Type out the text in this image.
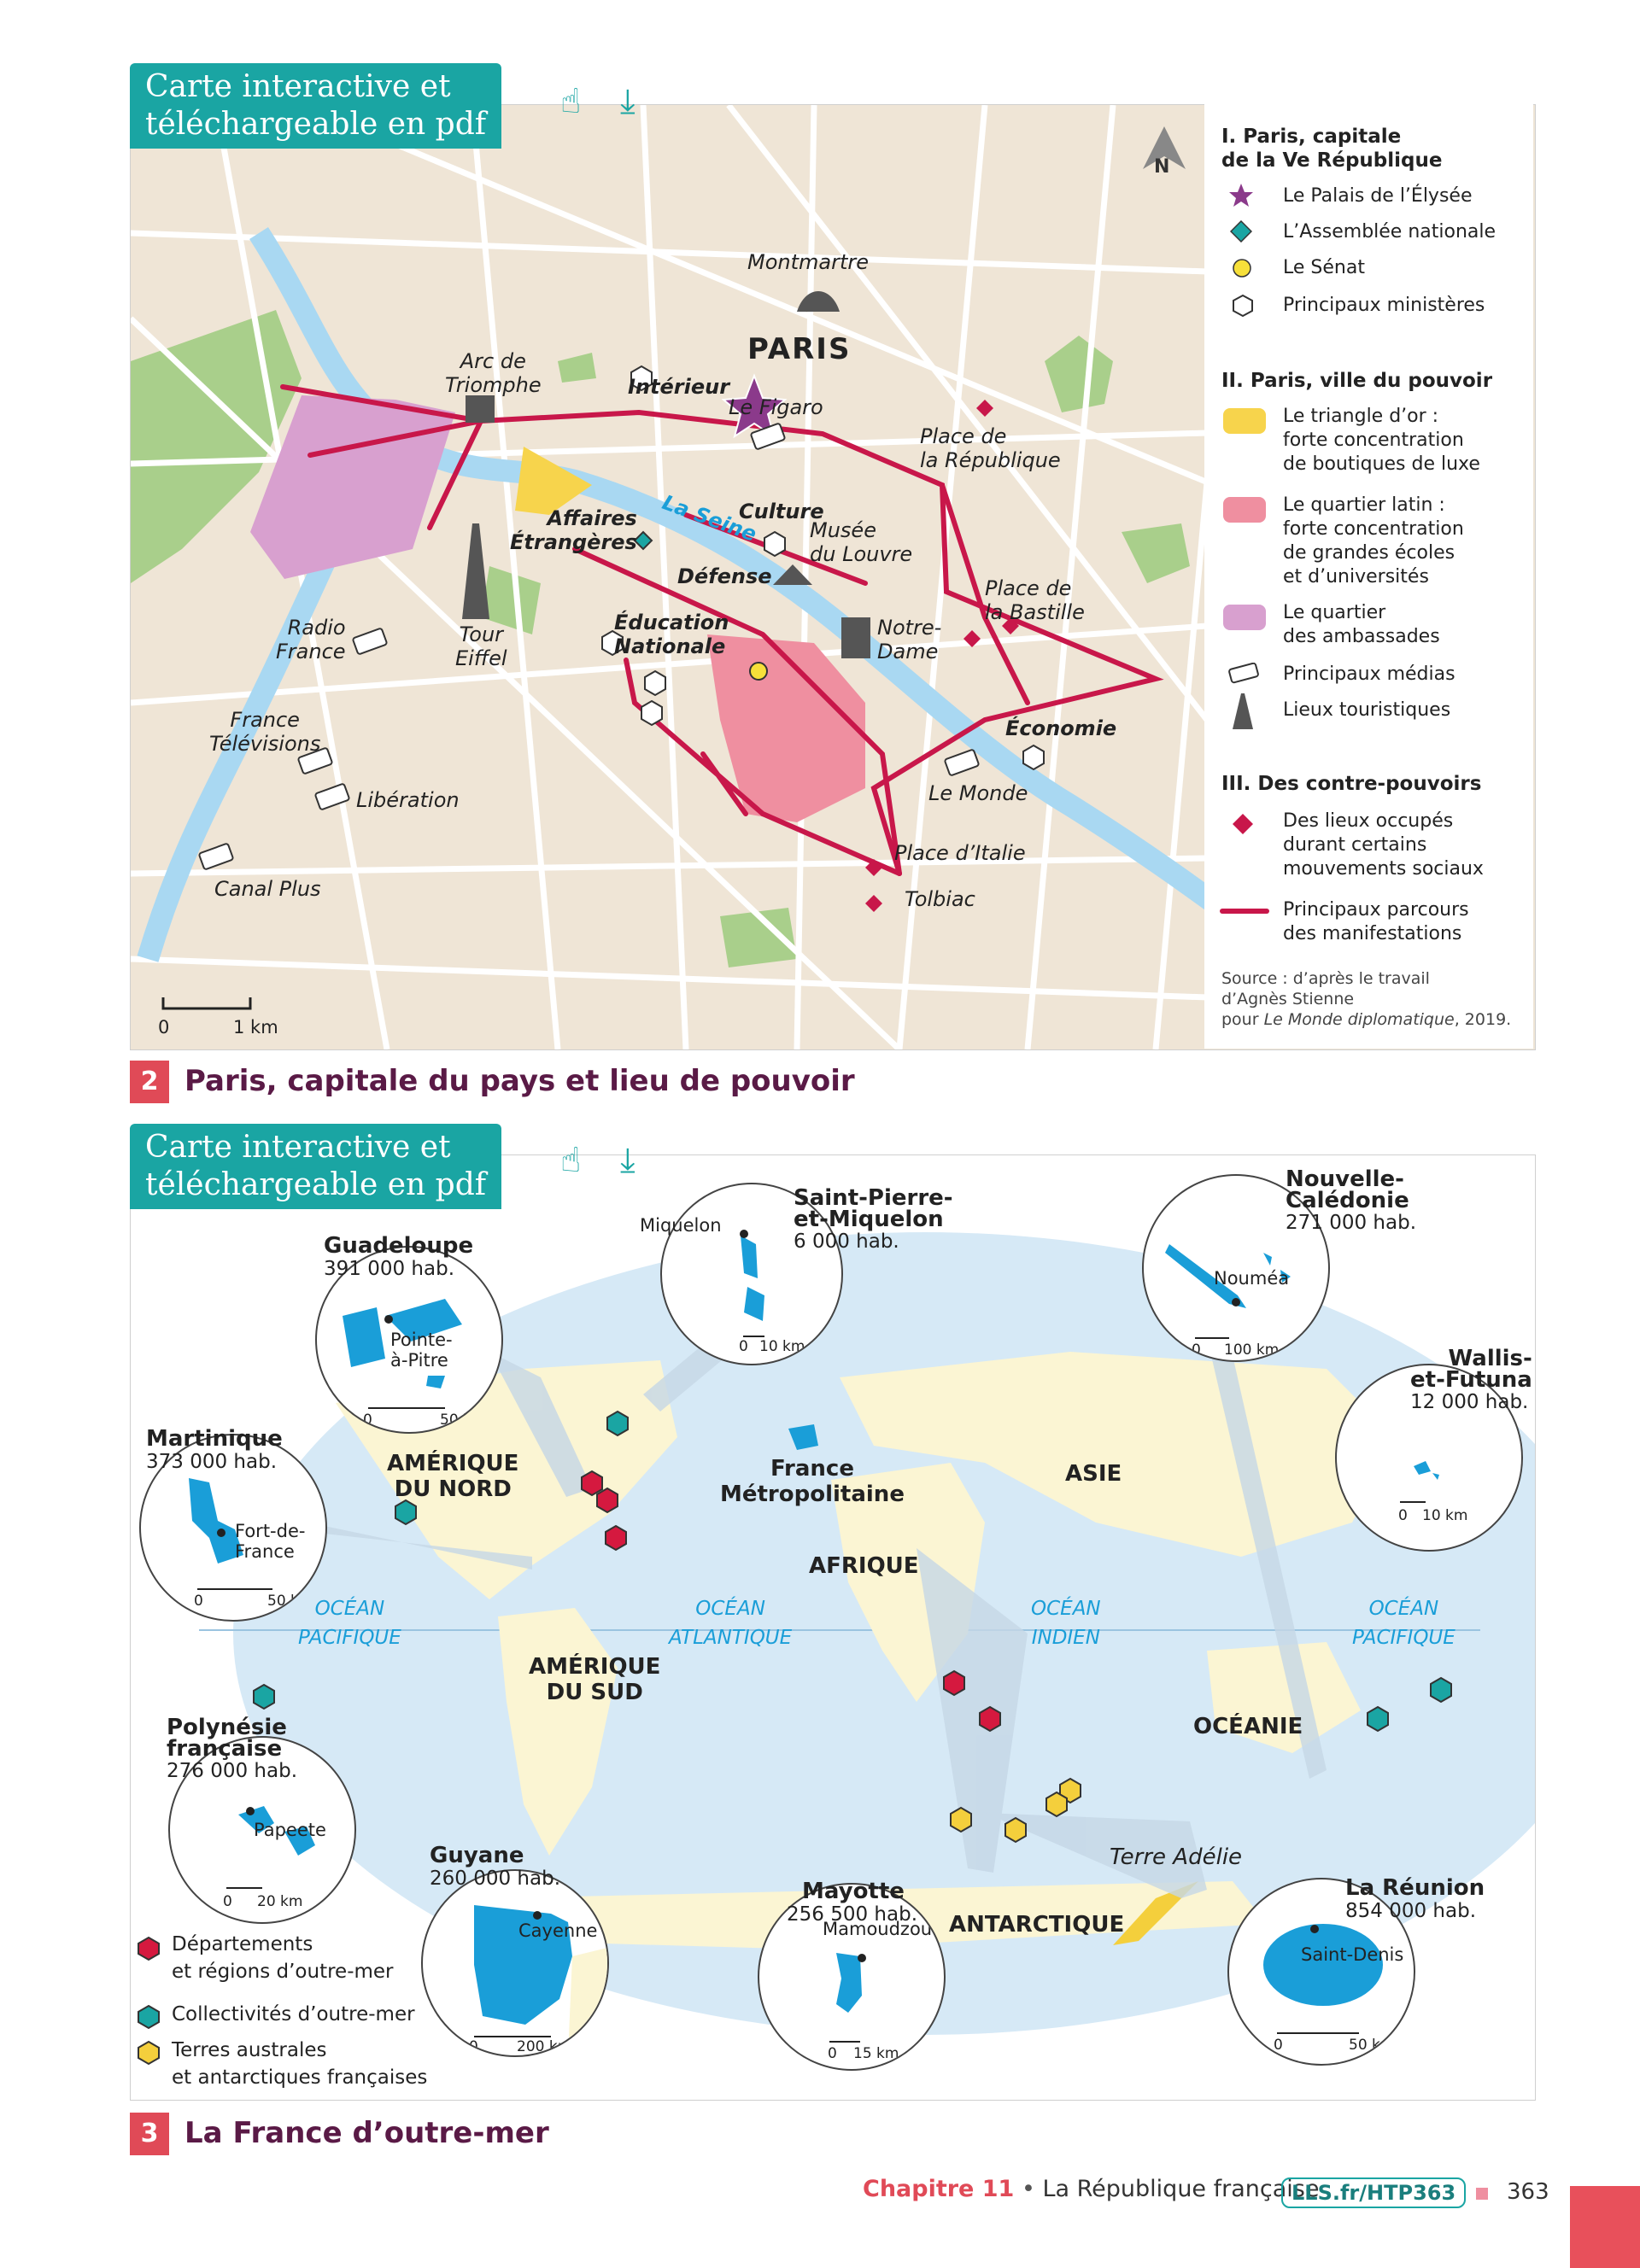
N
Montmartre
PARIS
Arc de
Triomphe	Intérieur
Le Figaro
Place de
la République
Affaires
Étrangères La Seine
Culture
Musée
du Louvre
Défense	Place de
la Bastille
Radio
France
Tour
Eiffel
Éducation
Nationale
Notre-
Dame
France
Télévisions
Économie
Libération	Le Monde
Place d’Italie
Canal Plus	Tolbiac
0	1 km
I. Paris, capitale
de la Ve République
Le Palais de l’Élysée
L’Assemblée nationale
Le Sénat
Principaux ministères
II. Paris, ville du pouvoir
Le triangle d’or :
forte concentration
de boutiques de luxe
Le quartier latin :
forte concentration
de grandes écoles
et d’universités
Le quartier
des ambassades
Principaux médias
Lieux touristiques
III. Des contre-pouvoirs
Des lieux occupés
durant certains
mouvements sociaux
Principaux parcours
des manifestations
Source : d’après le travail
d’Agnès Stienne
pour Le Monde diplomatique, 2019.
Carte interactive et
téléchargeable en pdf
☝ ⤓
2 Paris, capitale du pays et lieu de pouvoir
AMÉRIQUE
DU NORD
AMÉRIQUE
DU SUD
AFRIQUE
ASIE
OCÉANIE
ANTARCTIQUE
France
Métropolitaine
Terre Adélie
OCÉAN
PACIFIQUE
OCÉAN
ATLANTIQUE
OCÉAN
INDIEN
OCÉAN
PACIFIQUE
Pointe-
à-Pitre
0	50 km
Guadeloupe
391 000 hab.
0 10 km
Miquelon
Saint-Pierre-
et-Miquelon
6 000 hab.
Nouméa
0 100 km
Nouvelle-
Calédonie
271 000 hab.
0 10 km
Wallis-
et-Futuna
12 000 hab.
Fort-de-
France
0	50 km
Martinique
373 000 hab.
Papeete
0 20 km
Polynésie
française
276 000 hab.
Cayenne
0	200 km
Guyane
260 000 hab.
Mamoudzou
0 15 km
Mayotte
256 500 hab.
Saint-Denis
0	50 km
La Réunion
854 000 hab.
Départements
et régions d’outre-mer
Collectivités d’outre-mer
Terres australes
et antarctiques françaises
Carte interactive et
téléchargeable en pdf
☝ ⤓
3 La France d’outre-mer
Chapitre 11 • La République française
LLS.fr/HTP363	363
